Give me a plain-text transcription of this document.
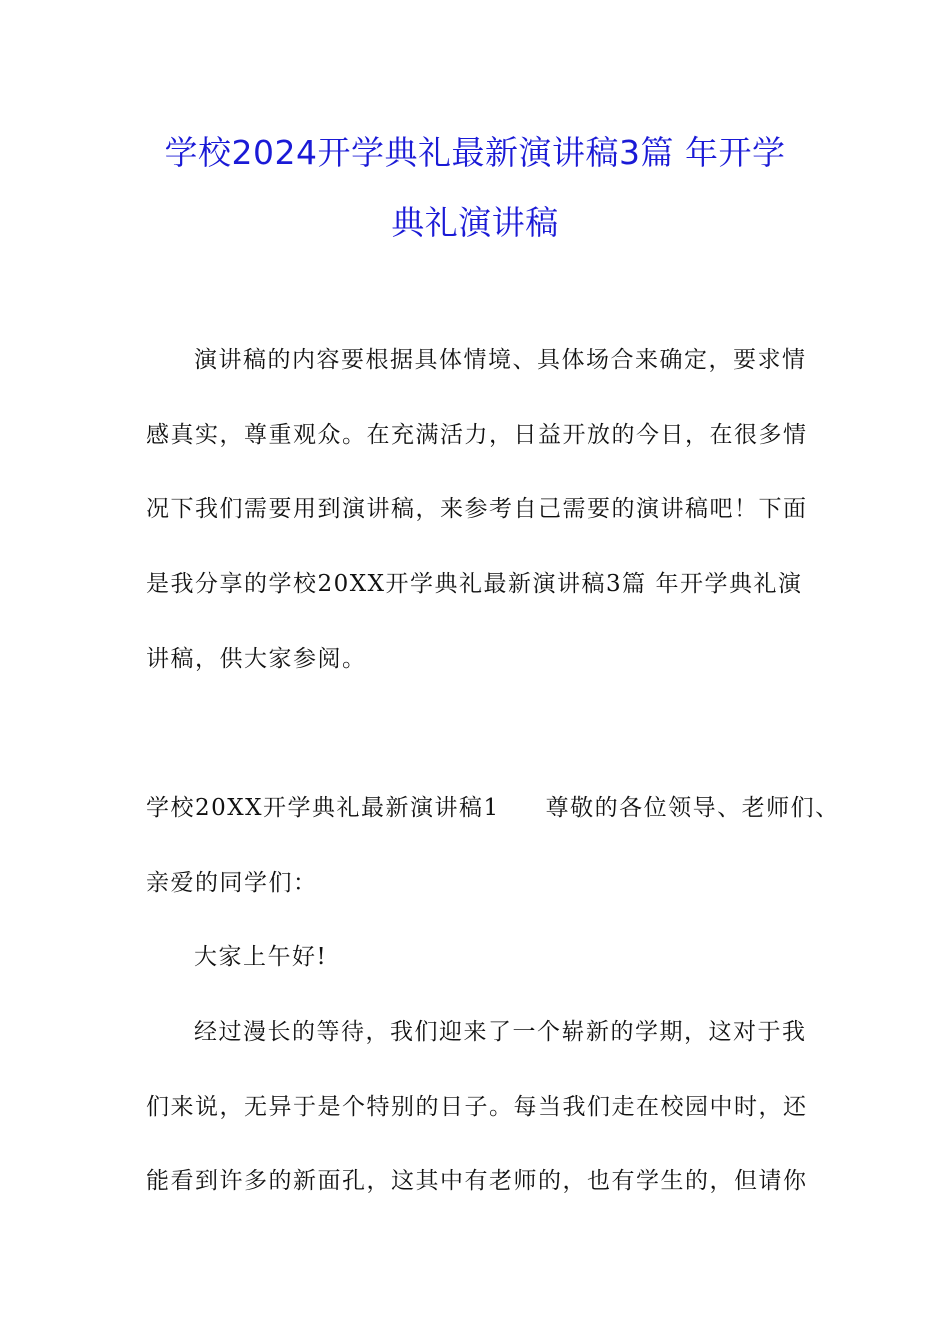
学校2024开学典礼最新演讲稿3篇 年开学
典礼演讲稿
演讲稿的内容要根据具体情境、具体场合来确定，要求情
感真实，尊重观众。在充满活力，日益开放的今日，在很多情
况下我们需要用到演讲稿，来参考自己需要的演讲稿吧！下面
是我分享的学校20XX开学典礼最新演讲稿3篇 年开学典礼演
讲稿，供大家参阅。
学校20XX开学典礼最新演讲稿1 尊敬的各位领导、老师们、
亲爱的同学们：
大家上午好!
经过漫长的等待，我们迎来了一个崭新的学期，这对于我
们来说，无异于是个特别的日子。每当我们走在校园中时，还
能看到许多的新面孔，这其中有老师的，也有学生的，但请你
